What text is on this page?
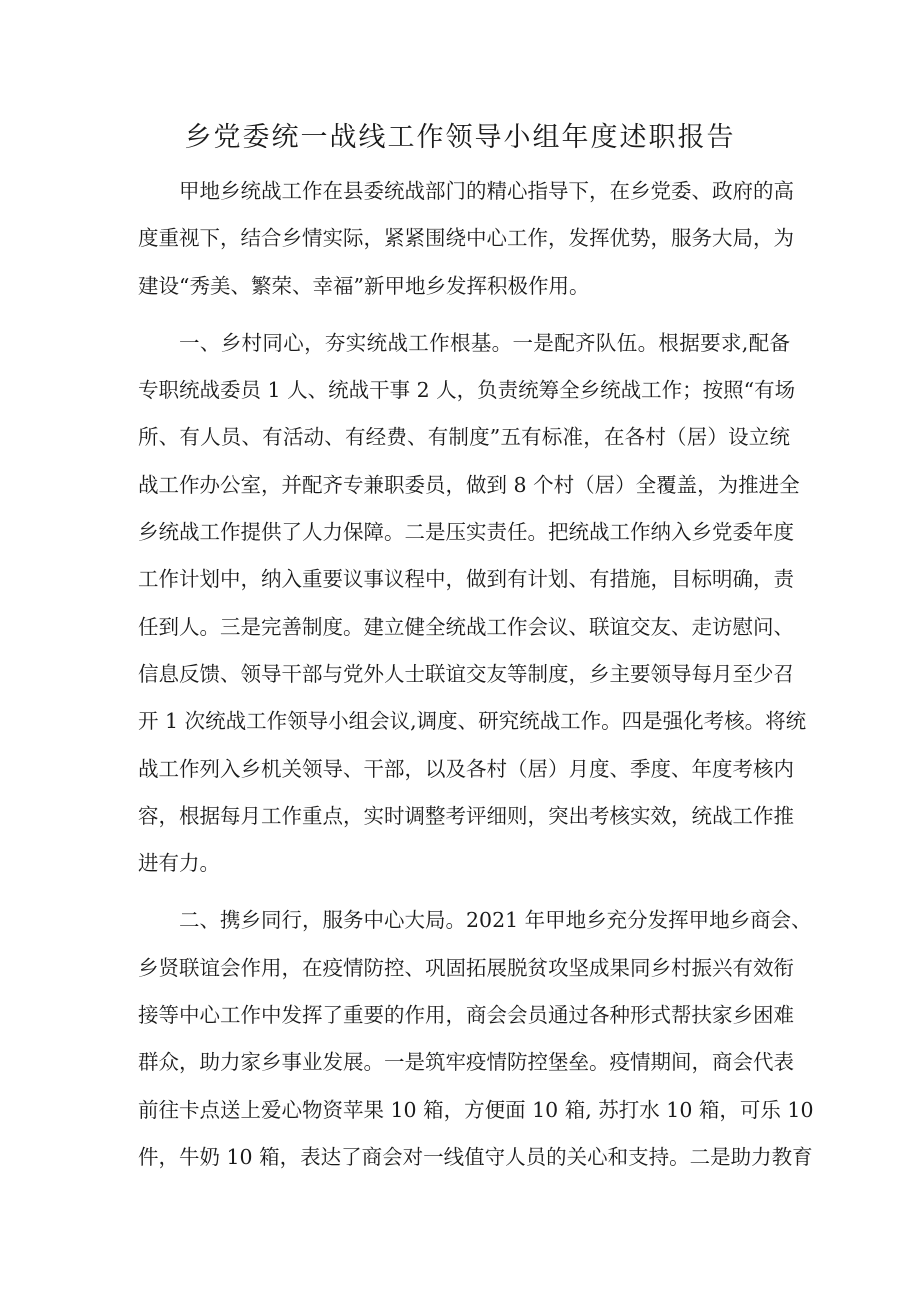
乡党委统一战线工作领导小组年度述职报告
甲地乡统战工作在县委统战部门的精心指导下，在乡党委、政府的高
度重视下，结合乡情实际，紧紧围绕中心工作，发挥优势，服务大局，为
建设“秀美、繁荣、幸福”新甲地乡发挥积极作用。
一、乡村同心，夯实统战工作根基。一是配齐队伍。根据要求,配备
专职统战委员 1 人、统战干事 2 人，负责统筹全乡统战工作；按照“有场
所、有人员、有活动、有经费、有制度”五有标准，在各村（居）设立统
战工作办公室，并配齐专兼职委员，做到 8 个村（居）全覆盖，为推进全
乡统战工作提供了人力保障。二是压实责任。把统战工作纳入乡党委年度
工作计划中，纳入重要议事议程中，做到有计划、有措施，目标明确，责
任到人。三是完善制度。建立健全统战工作会议、联谊交友、走访慰问、
信息反馈、领导干部与党外人士联谊交友等制度，乡主要领导每月至少召
开 1 次统战工作领导小组会议,调度、研究统战工作。四是强化考核。将统
战工作列入乡机关领导、干部，以及各村（居）月度、季度、年度考核内
容，根据每月工作重点，实时调整考评细则，突出考核实效，统战工作推
进有力。
二、携乡同行，服务中心大局。2021 年甲地乡充分发挥甲地乡商会、
乡贤联谊会作用，在疫情防控、巩固拓展脱贫攻坚成果同乡村振兴有效衔
接等中心工作中发挥了重要的作用，商会会员通过各种形式帮扶家乡困难
群众，助力家乡事业发展。一是筑牢疫情防控堡垒。疫情期间，商会代表
前往卡点送上爱心物资苹果 10 箱，方便面 10 箱, 苏打水 10 箱，可乐 10
件，牛奶 10 箱，表达了商会对一线值守人员的关心和支持。二是助力教育
